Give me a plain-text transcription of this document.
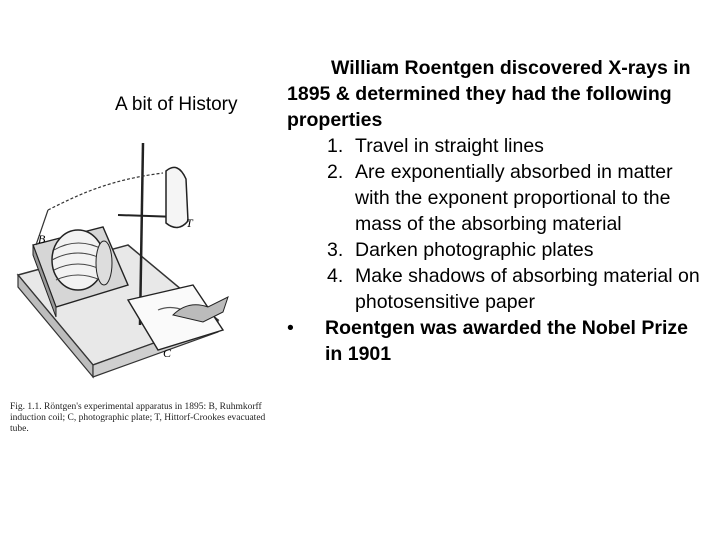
A bit of History
B
T
C
Fig. 1.1. Röntgen's experimental apparatus in 1895: B, Ruhmkorff induction coil; C, photographic plate; T, Hittorf-Crookes evacuated tube.

William Roentgen discovered X-rays in 1895 & determined they had the following properties

1. Travel in straight lines
2. Are exponentially absorbed in matter with the exponent proportional to the mass of the absorbing material
3. Darken photographic plates
4. Make shadows of absorbing material on photosensitive paper
• Roentgen was awarded the Nobel Prize in 1901
